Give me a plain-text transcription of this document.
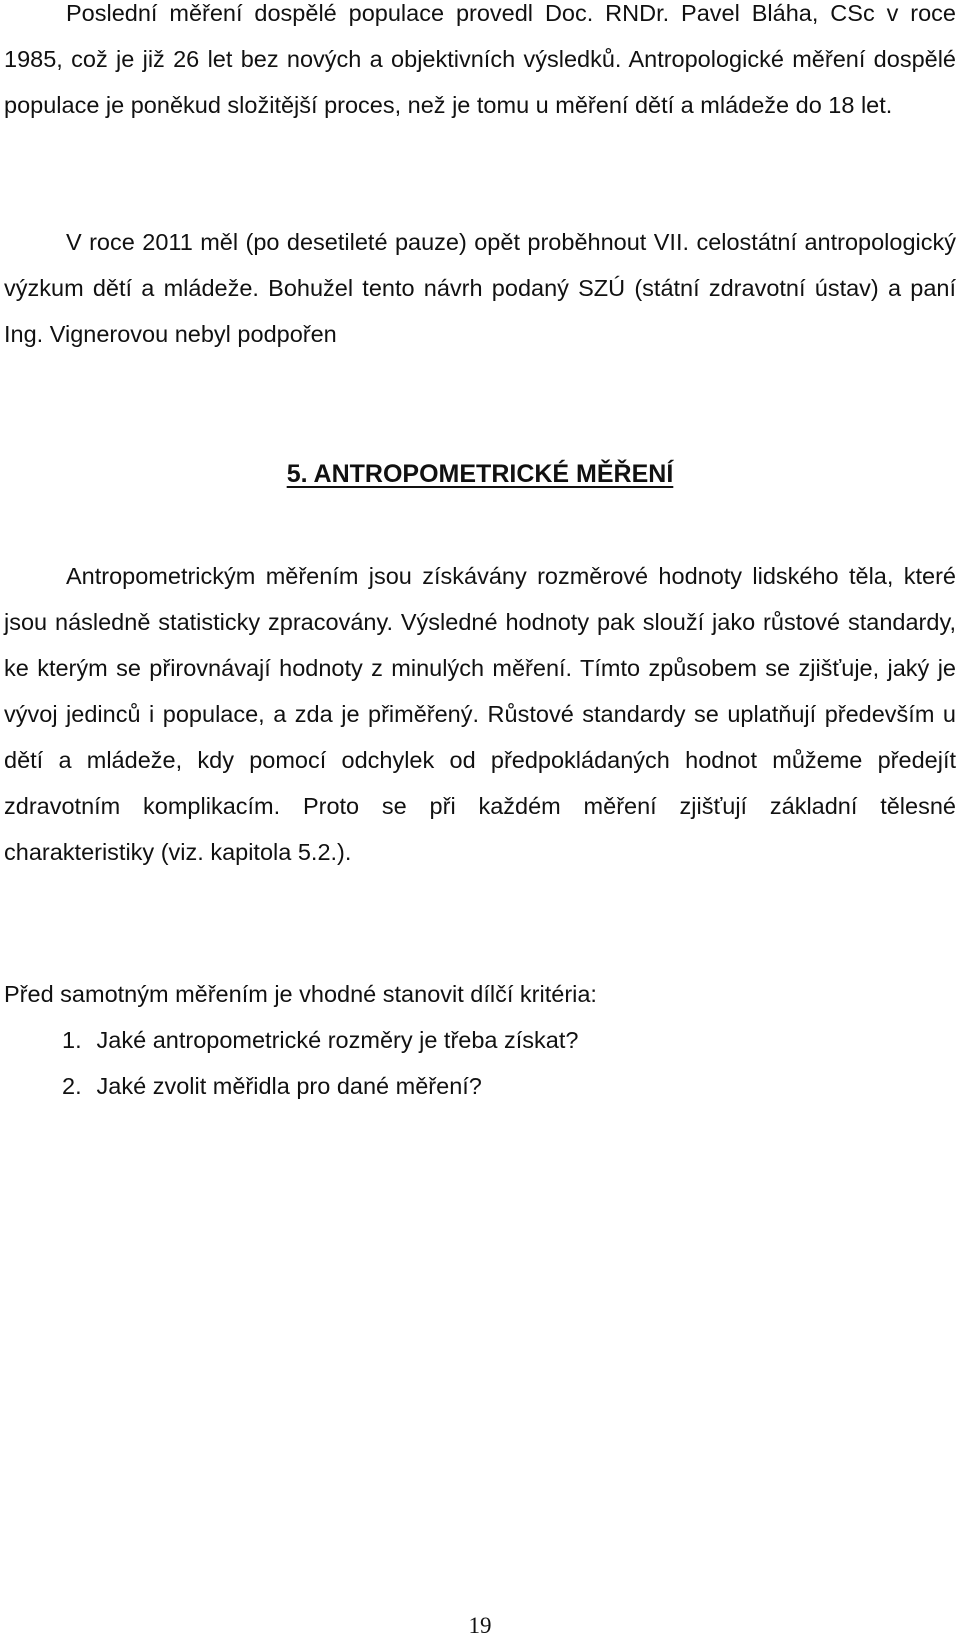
Poslední měření dospělé populace provedl Doc. RNDr. Pavel Bláha, CSc v roce 1985, což je již 26 let bez nových a objektivních výsledků. Antropologické měření dospělé populace je poněkud složitější proces, než je tomu u měření dětí a mládeže do 18 let.

V roce 2011 měl (po desetileté pauze) opět proběhnout VII. celostátní antropologický výzkum dětí a mládeže. Bohužel tento návrh podaný SZÚ (státní zdravotní ústav) a paní Ing. Vignerovou nebyl podpořen

5. ANTROPOMETRICKÉ MĚŘENÍ

Antropometrickým měřením jsou získávány rozměrové hodnoty lidského těla, které jsou následně statisticky zpracovány. Výsledné hodnoty pak slouží jako růstové standardy, ke kterým se přirovnávají hodnoty z minulých měření. Tímto způsobem se zjišťuje, jaký je vývoj jedinců i populace, a zda je přiměřený. Růstové standardy se uplatňují především u dětí a mládeže, kdy pomocí odchylek od předpokládaných hodnot můžeme předejít zdravotním komplikacím. Proto se při každém měření zjišťují základní tělesné charakteristiky (viz. kapitola 5.2.).

Před samotným měřením je vhodné stanovit dílčí kritéria:

1. Jaké antropometrické rozměry je třeba získat?
2. Jaké zvolit měřidla pro dané měření?
19
